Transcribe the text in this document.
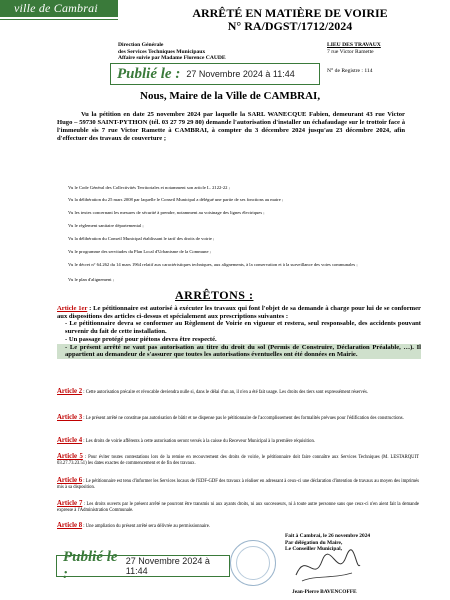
ville de Cambrai	ARRÊTÉ EN MATIÈRE DE VOIRIE
N° RA/DGST/1712/2024
Direction Générale
des Services Techniques Municipaux
Affaire suivie par Madame Florence CAUDE
LIEU DES TRAVAUX
7 rue Victor Ramette
N° de Registre : 114
Publié le : 27 Novembre 2024 à 11:44
Nous, Maire de la Ville de CAMBRAI,
Vu la pétition en date 25 novembre 2024 par laquelle la SARL WANECQUE Fabien, demeurant 43 rue Victor Hugo – 59730 SAINT-PYTHON (tél. 03 27 79 29 80) demande l'autorisation d'installer un échafaudage sur le trottoir face à l'immeuble sis 7 rue Victor Ramette à CAMBRAI, à compter du 3 décembre 2024 jusqu'au 23 décembre 2024, afin d'effectuer des travaux de couverture ;
Vu le Code Général des Collectivités Territoriales et notamment son article L. 2122-22 ;
Vu la délibération du 25 mars 2008 par laquelle le Conseil Municipal a délégué une partie de ses fonctions au maire ;
Vu les textes concernant les mesures de sécurité à prendre, notamment au voisinage des lignes électriques ;
Vu le règlement sanitaire départemental ;
Vu la délibération du Conseil Municipal établissant le tarif des droits de voirie ;
Vu le programme des servitudes du Plan Local d'Urbanisme de la Commune ;
Vu le décret n° 64.262 du 14 mars 1964 relatif aux caractéristiques techniques, aux alignements, à la conservation et à la surveillance des voies communales ;
Vu le plan d'alignement ;
ARRÊTONS :
Article 1er : Le pétitionnaire est autorisé à exécuter les travaux qui font l'objet de sa demande à charge pour lui de se conformer aux dispositions des articles ci-dessus et spécialement aux prescriptions suivantes :
- Le pétitionnaire devra se conformer au Règlement de Voirie en vigueur et restera, seul responsable, des accidents pouvant survenir du fait de cette installation.
- Un passage protégé pour piétons devra être respecté.
- Le présent arrêté ne vaut pas autorisation au titre du droit du sol (Permis de Construire, Déclaration Préalable, …). Il appartient au demandeur de s'assurer que toutes les autorisations éventuelles ont été données en Mairie.
Article 2 : Cette autorisation précaire et révocable deviendra nulle si, dans le délai d'un an, il n'en a été fait usage. Les droits des tiers sont expressément réservés.
Article 3 : Le présent arrêté ne constitue pas autorisation de bâtir et ne dispense pas le pétitionnaire de l'accomplissement des formalités prévues pour l'édification des constructions.
Article 4 : Les droits de voirie afférents à cette autorisation seront versés à la caisse du Receveur Municipal à la première réquisition.
Article 5 : Pour éviter toutes contestations lors de la remise en recouvrement des droits de voirie, le pétitionnaire doit faire connaître aux Services Techniques (M. LESTARQUIT 03.27.73.23.51) les dates exactes de commencement et de fin des travaux.
Article 6 : Le pétitionnaire est tenu d'informer les Services locaux de l'EDF-GDF des travaux à réaliser en adressant à ceux-ci une déclaration d'intention de travaux au moyen des imprimés mis à sa disposition.
Article 7 : Les droits ouverts par le présent arrêté ne pourront être transmis ni aux ayants droits, ni aux successeurs, ni à toute autre personne sans que ceux-ci n'en aient fait la demande expresse à l'Administration Communale.
Article 8 : Une ampliation du présent arrêté sera délivrée au permissionnaire.
Fait à Cambrai, le 26 novembre 2024
Par délégation du Maire,
Le Conseiller Municipal,
Jean-Pierre BAVENCOFFE
Publié le :
27 Novembre 2024 à 11:44
